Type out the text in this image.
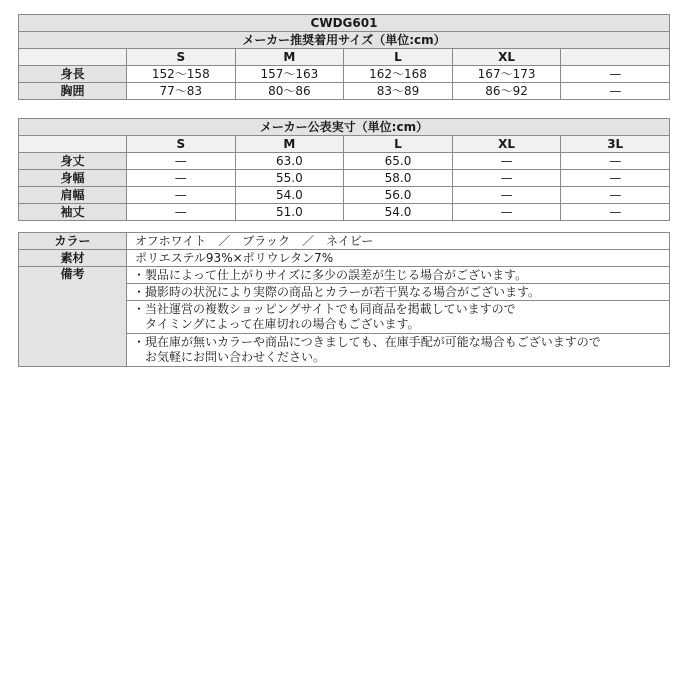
CWDG601					
メーカー推奨着用サイズ（単位:cm）					
	S	M	L	XL	
身長	152～158	157～163	162～168	167～173	—
胸囲	77～83	80～86	83～89	86～92	—
メーカー公表実寸（単位:cm）					
	S	M	L	XL	3L
身丈	—	63.0	65.0	—	—
身幅	—	55.0	58.0	—	—
肩幅	—	54.0	56.0	—	—
袖丈	—	51.0	54.0	—	—
カラー	オフホワイト　／　ブラック　／　ネイビー
素材	ポリエステル93%×ポリウレタン7%
備考	・製品によって仕上がりサイズに多少の誤差が生じる場合がございます。

	・撮影時の状況により実際の商品とカラーが若干異なる場合がございます。

	・当社運営の複数ショッピングサイトでも同商品を掲載していますので
　タイミングによって在庫切れの場合もございます。

	・現在庫が無いカラーや商品につきましても、在庫手配が可能な場合もございますので
　お気軽にお問い合わせください。
